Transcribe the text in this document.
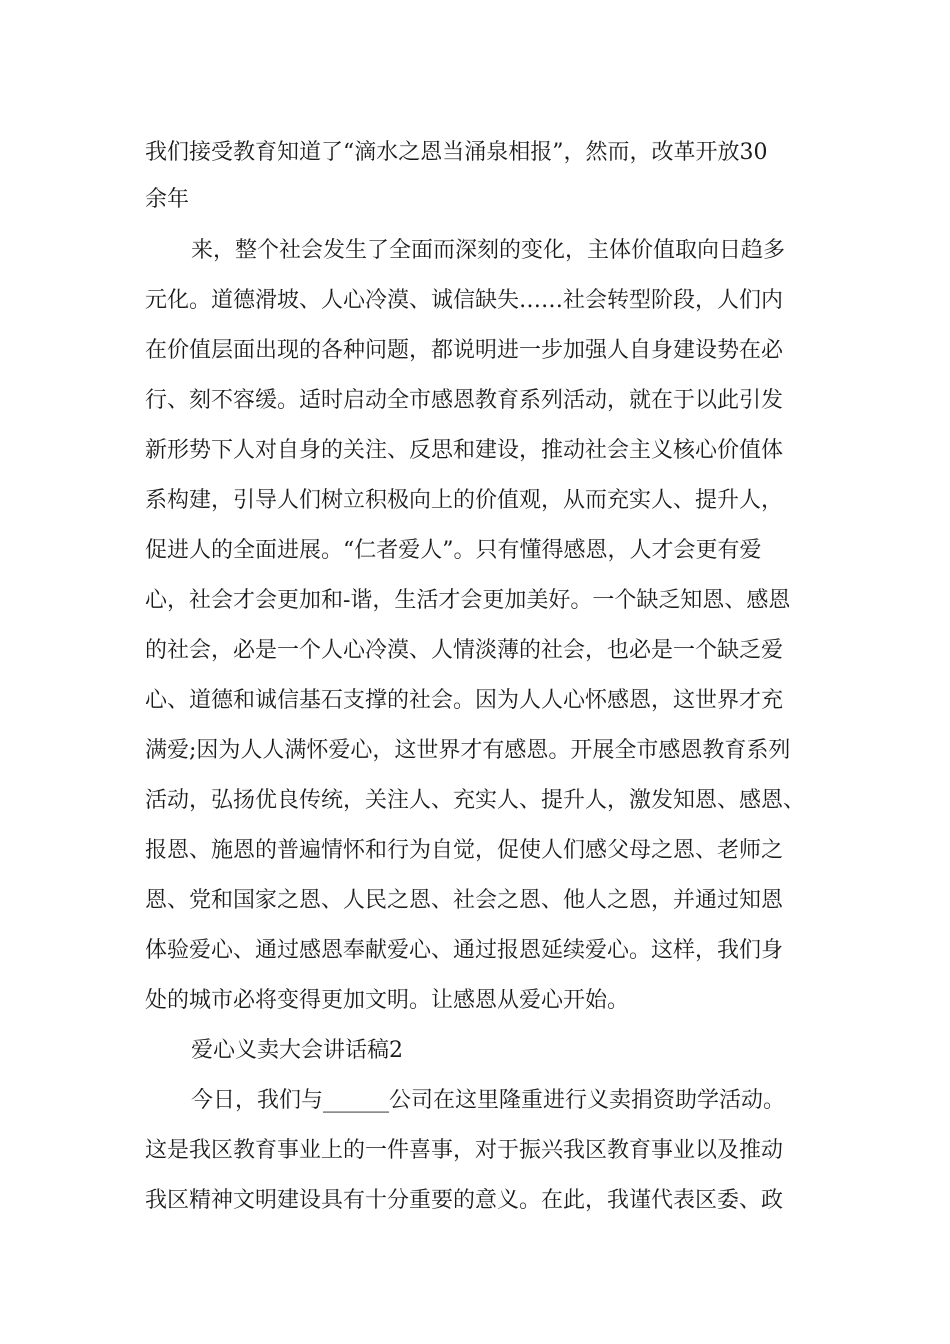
我们接受教育知道了“滴水之恩当涌泉相报”，然而，改革开放30

余年

来，整个社会发生了全面而深刻的变化，主体价值取向日趋多

元化。道德滑坡、人心冷漠、诚信缺失……社会转型阶段，人们内

在价值层面出现的各种问题，都说明进一步加强人自身建设势在必

行、刻不容缓。适时启动全市感恩教育系列活动，就在于以此引发

新形势下人对自身的关注、反思和建设，推动社会主义核心价值体

系构建，引导人们树立积极向上的价值观，从而充实人、提升人，

促进人的全面进展。“仁者爱人”。只有懂得感恩，人才会更有爱

心，社会才会更加和-谐，生活才会更加美好。一个缺乏知恩、感恩

的社会，必是一个人心冷漠、人情淡薄的社会，也必是一个缺乏爱

心、道德和诚信基石支撑的社会。因为人人心怀感恩，这世界才充

满爱;因为人人满怀爱心，这世界才有感恩。开展全市感恩教育系列

活动，弘扬优良传统，关注人、充实人、提升人，激发知恩、感恩、

报恩、施恩的普遍情怀和行为自觉，促使人们感父母之恩、老师之

恩、党和国家之恩、人民之恩、社会之恩、他人之恩，并通过知恩

体验爱心、通过感恩奉献爱心、通过报恩延续爱心。这样，我们身

处的城市必将变得更加文明。让感恩从爱心开始。

爱心义卖大会讲话稿2

今日，我们与______公司在这里隆重进行义卖捐资助学活动。

这是我区教育事业上的一件喜事，对于振兴我区教育事业以及推动

我区精神文明建设具有十分重要的意义。在此，我谨代表区委、政
